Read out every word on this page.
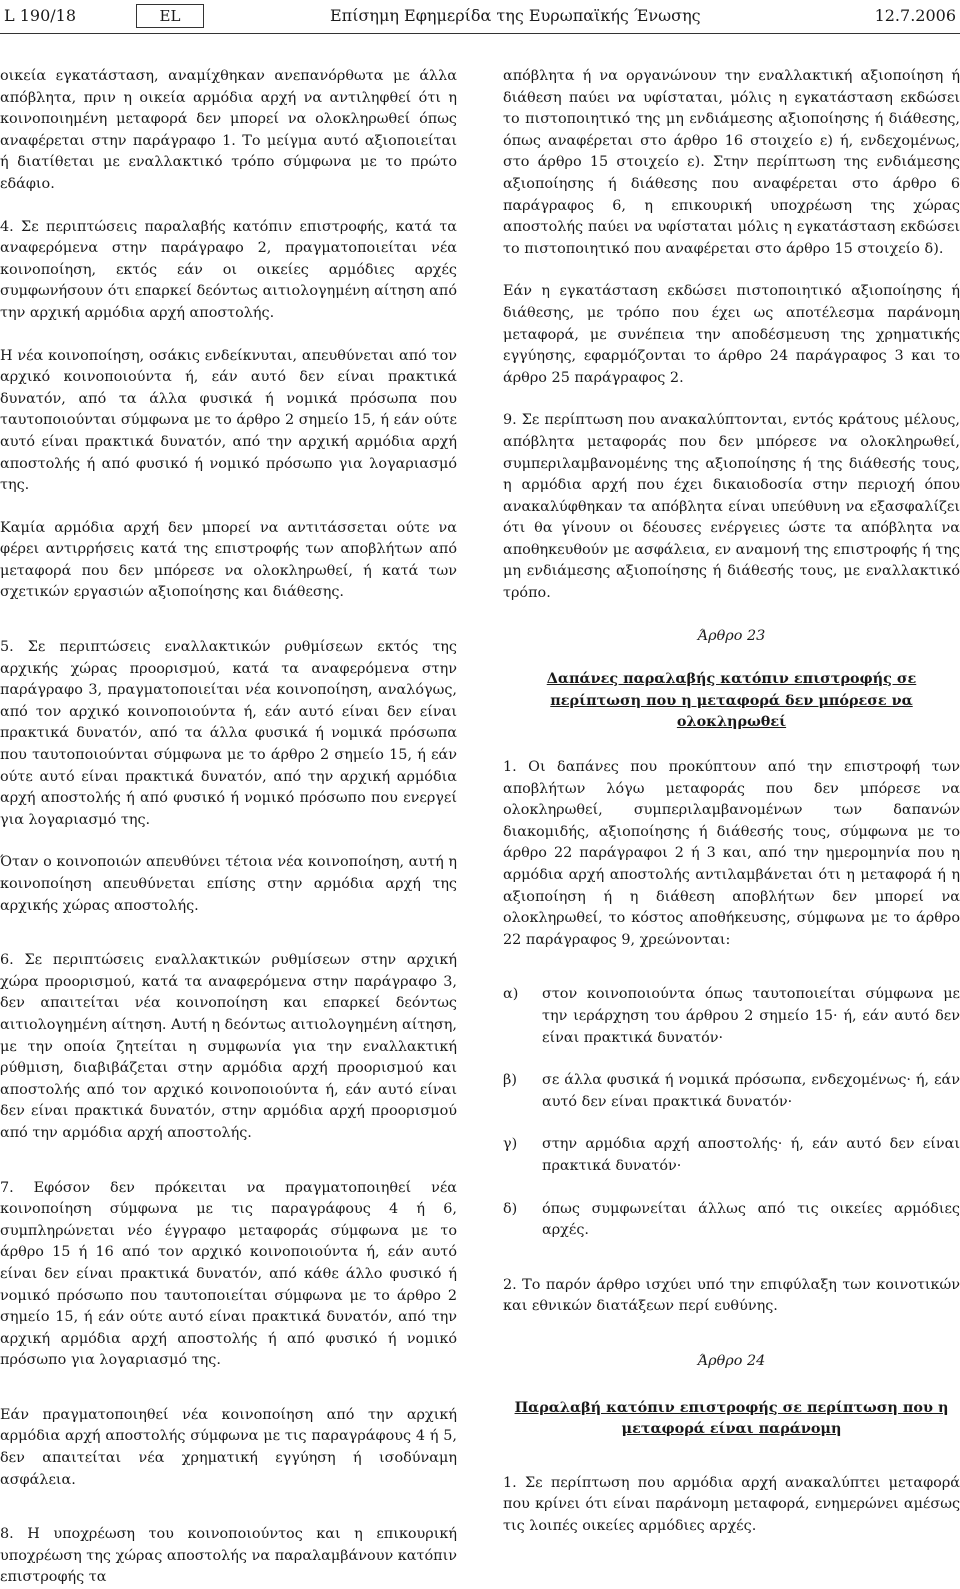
L 190/18	EL	Επίσημη Εφημερίδα της Ευρωπαϊκής Ένωσης	12.7.2006

οικεία εγκατάσταση, αναμίχθηκαν ανεπανόρθωτα με άλλα απόβλητα, πριν η οικεία αρμόδια αρχή να αντιληφθεί ότι η κοινοποιημένη μεταφορά δεν μπορεί να ολοκληρωθεί όπως αναφέρεται στην παράγραφο 1. Το μείγμα αυτό αξιοποιείται ή διατίθεται με εναλλακτικό τρόπο σύμφωνα με το πρώτο εδάφιο.

4. Σε περιπτώσεις παραλαβής κατόπιν επιστροφής, κατά τα αναφερόμενα στην παράγραφο 2, πραγματοποιείται νέα κοινοποίηση, εκτός εάν οι οικείες αρμόδιες αρχές συμφωνήσουν ότι επαρκεί δεόντως αιτιολογημένη αίτηση από την αρχική αρμόδια αρχή αποστολής.

Η νέα κοινοποίηση, οσάκις ενδείκνυται, απευθύνεται από τον αρχικό κοινοποιούντα ή, εάν αυτό δεν είναι πρακτικά δυνατόν, από τα άλλα φυσικά ή νομικά πρόσωπα που ταυτοποιούνται σύμφωνα με το άρθρο 2 σημείο 15, ή εάν ούτε αυτό είναι πρακτικά δυνατόν, από την αρχική αρμόδια αρχή αποστολής ή από φυσικό ή νομικό πρόσωπο για λογαριασμό της.

Καμία αρμόδια αρχή δεν μπορεί να αντιτάσσεται ούτε να φέρει αντιρρήσεις κατά της επιστροφής των αποβλήτων από μεταφορά που δεν μπόρεσε να ολοκληρωθεί, ή κατά των σχετικών εργασιών αξιοποίησης και διάθεσης.

5. Σε περιπτώσεις εναλλακτικών ρυθμίσεων εκτός της αρχικής χώρας προορισμού, κατά τα αναφερόμενα στην παράγραφο 3, πραγματοποιείται νέα κοινοποίηση, αναλόγως, από τον αρχικό κοινοποιούντα ή, εάν αυτό είναι δεν είναι πρακτικά δυνατόν, από τα άλλα φυσικά ή νομικά πρόσωπα που ταυτοποιούνται σύμφωνα με το άρθρο 2 σημείο 15, ή εάν ούτε αυτό είναι πρακτικά δυνατόν, από την αρχική αρμόδια αρχή αποστολής ή από φυσικό ή νομικό πρόσωπο που ενεργεί για λογαριασμό της.

Όταν ο κοινοποιών απευθύνει τέτοια νέα κοινοποίηση, αυτή η κοινοποίηση απευθύνεται επίσης στην αρμόδια αρχή της αρχικής χώρας αποστολής.

6. Σε περιπτώσεις εναλλακτικών ρυθμίσεων στην αρχική χώρα προορισμού, κατά τα αναφερόμενα στην παράγραφο 3, δεν απαιτείται νέα κοινοποίηση και επαρκεί δεόντως αιτιολογημένη αίτηση. Αυτή η δεόντως αιτιολογημένη αίτηση, με την οποία ζητείται η συμφωνία για την εναλλακτική ρύθμιση, διαβιβάζεται στην αρμόδια αρχή προορισμού και αποστολής από τον αρχικό κοινοποιούντα ή, εάν αυτό είναι δεν είναι πρακτικά δυνατόν, στην αρμόδια αρχή προορισμού από την αρμόδια αρχή αποστολής.

7. Εφόσον δεν πρόκειται να πραγματοποιηθεί νέα κοινοποίηση σύμφωνα με τις παραγράφους 4 ή 6, συμπληρώνεται νέο έγγραφο μεταφοράς σύμφωνα με το άρθρο 15 ή 16 από τον αρχικό κοινοποιούντα ή, εάν αυτό είναι δεν είναι πρακτικά δυνατόν, από κάθε άλλο φυσικό ή νομικό πρόσωπο που ταυτοποιείται σύμφωνα με το άρθρο 2 σημείο 15, ή εάν ούτε αυτό είναι πρακτικά δυνατόν, από την αρχική αρμόδια αρχή αποστολής ή από φυσικό ή νομικό πρόσωπο για λογαριασμό της.

Εάν πραγματοποιηθεί νέα κοινοποίηση από την αρχική αρμόδια αρχή αποστολής σύμφωνα με τις παραγράφους 4 ή 5, δεν απαιτείται νέα χρηματική εγγύηση ή ισοδύναμη ασφάλεια.

8. Η υποχρέωση του κοινοποιούντος και η επικουρική υποχρέωση της χώρας αποστολής να παραλαμβάνουν κατόπιν επιστροφής τα

απόβλητα ή να οργανώνουν την εναλλακτική αξιοποίηση ή διάθεση παύει να υφίσταται, μόλις η εγκατάσταση εκδώσει το πιστοποιητικό της μη ενδιάμεσης αξιοποίησης ή διάθεσης, όπως αναφέρεται στο άρθρο 16 στοιχείο ε) ή, ενδεχομένως, στο άρθρο 15 στοιχείο ε). Στην περίπτωση της ενδιάμεσης αξιοποίησης ή διάθεσης που αναφέρεται στο άρθρο 6 παράγραφος 6, η επικουρική υποχρέωση της χώρας αποστολής παύει να υφίσταται μόλις η εγκατάσταση εκδώσει το πιστοποιητικό που αναφέρεται στο άρθρο 15 στοιχείο δ).

Εάν η εγκατάσταση εκδώσει πιστοποιητικό αξιοποίησης ή διάθεσης, με τρόπο που έχει ως αποτέλεσμα παράνομη μεταφορά, με συνέπεια την αποδέσμευση της χρηματικής εγγύησης, εφαρμόζονται το άρθρο 24 παράγραφος 3 και το άρθρο 25 παράγραφος 2.

9. Σε περίπτωση που ανακαλύπτονται, εντός κράτους μέλους, απόβλητα μεταφοράς που δεν μπόρεσε να ολοκληρωθεί, συμπεριλαμβανομένης της αξιοποίησης ή της διάθεσής τους, η αρμόδια αρχή που έχει δικαιοδοσία στην περιοχή όπου ανακαλύφθηκαν τα απόβλητα είναι υπεύθυνη να εξασφαλίζει ότι θα γίνουν οι δέουσες ενέργειες ώστε τα απόβλητα να αποθηκευθούν με ασφάλεια, εν αναμονή της επιστροφής ή της μη ενδιάμεσης αξιοποίησης ή διάθεσής τους, με εναλλακτικό τρόπο.

Άρθρο 23

Δαπάνες παραλαβής κατόπιν επιστροφής σε περίπτωση που η μεταφορά δεν μπόρεσε να ολοκληρωθεί

1. Οι δαπάνες που προκύπτουν από την επιστροφή των αποβλήτων λόγω μεταφοράς που δεν μπόρεσε να ολοκληρωθεί, συμπεριλαμβανομένων των δαπανών διακομιδής, αξιοποίησης ή διάθεσής τους, σύμφωνα με το άρθρο 22 παράγραφοι 2 ή 3 και, από την ημερομηνία που η αρμόδια αρχή αποστολής αντιλαμβάνεται ότι η μεταφορά ή η αξιοποίηση ή η διάθεση αποβλήτων δεν μπορεί να ολοκληρωθεί, το κόστος αποθήκευσης, σύμφωνα με το άρθρο 22 παράγραφος 9, χρεώνονται:

α)	στον κοινοποιούντα όπως ταυτοποιείται σύμφωνα με την ιεράρχηση του άρθρου 2 σημείο 15· ή, εάν αυτό δεν είναι πρακτικά δυνατόν·
β)	σε άλλα φυσικά ή νομικά πρόσωπα, ενδεχομένως· ή, εάν αυτό δεν είναι πρακτικά δυνατόν·
γ)	στην αρμόδια αρχή αποστολής· ή, εάν αυτό δεν είναι πρακτικά δυνατόν·
δ)	όπως συμφωνείται άλλως από τις οικείες αρμόδιες αρχές.

2. Το παρόν άρθρο ισχύει υπό την επιφύλαξη των κοινοτικών και εθνικών διατάξεων περί ευθύνης.

Άρθρο 24

Παραλαβή κατόπιν επιστροφής σε περίπτωση που η μεταφορά είναι παράνομη

1. Σε περίπτωση που αρμόδια αρχή ανακαλύπτει μεταφορά που κρίνει ότι είναι παράνομη μεταφορά, ενημερώνει αμέσως τις λοιπές οικείες αρμόδιες αρχές.
